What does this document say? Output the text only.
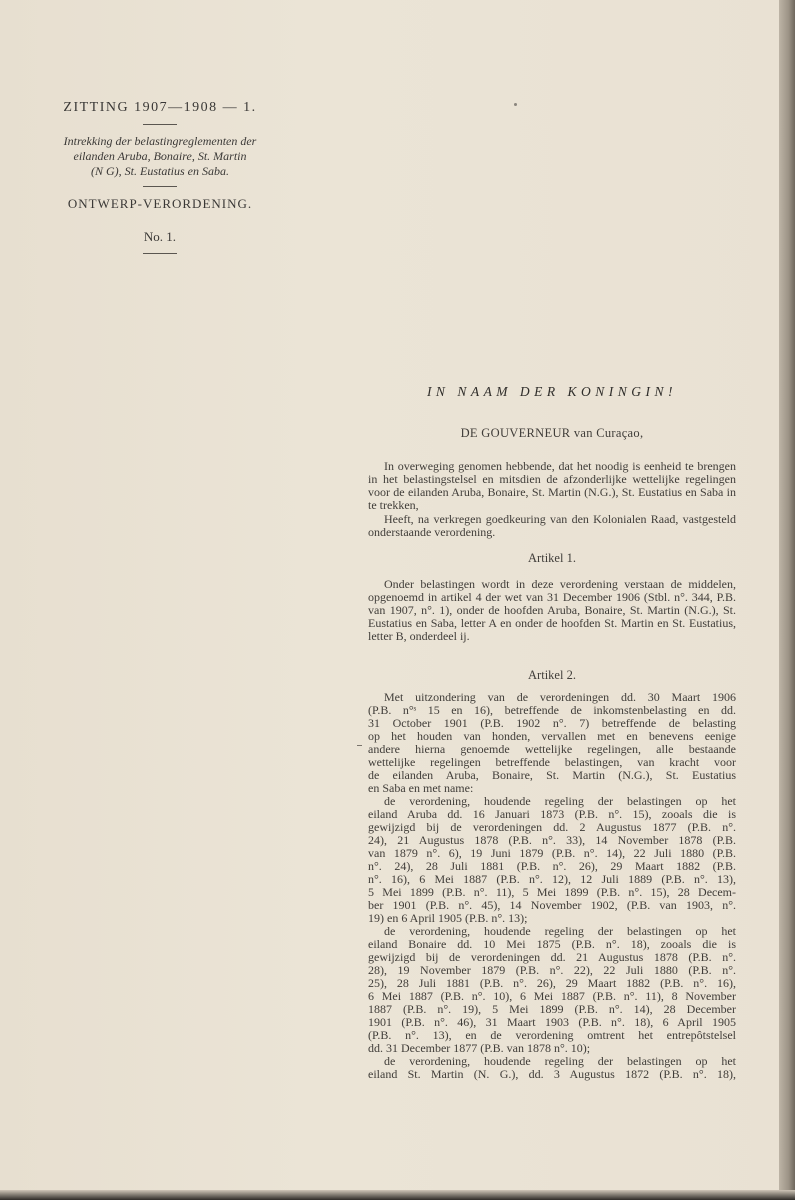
ZITTING 1907—1908 — 1.
Intrekking der belastingreglementen der
eilanden Aruba, Bonaire, St. Martin
(N G), St. Eustatius en Saba.
ONTWERP-VERORDENING.
No. 1.
IN NAAM DER KONINGIN!
DE GOUVERNEUR van Curaçao,

In overweging genomen hebbende, dat het noodig is eenheid te brengen in het belastingstelsel en mitsdien de afzonderlijke wettelijke regelingen voor de eilanden Aruba, Bonaire, St. Martin (N.G.), St. Eustatius en Saba in te trekken,

Heeft, na verkregen goedkeuring van den Kolonialen Raad, vastgesteld onderstaande verordening.

Artikel 1.

Onder belastingen wordt in deze verordening verstaan de middelen, opgenoemd in artikel 4 der wet van 31 December 1906 (Stbl. n°. 344, P.B. van 1907, n°. 1), onder de hoofden Aruba, Bonaire, St. Martin (N.G.), St. Eustatius en Saba, letter A en onder de hoofden St. Martin en St. Eustatius, letter B, onderdeel ij.

Artikel 2.
Met uitzondering van de verordeningen dd. 30 Maart 1906
(P.B. n°ˢ 15 en 16), betreffende de inkomstenbelasting en dd.
31 October 1901 (P.B. 1902 n°. 7) betreffende de belasting
op het houden van honden, vervallen met en benevens eenige
andere hierna genoemde wettelijke regelingen, alle bestaande
wettelijke regelingen betreffende belastingen, van kracht voor
de eilanden Aruba, Bonaire, St. Martin (N.G.), St. Eustatius
en Saba en met name:
de verordening, houdende regeling der belastingen op het
eiland Aruba dd. 16 Januari 1873 (P.B. n°. 15), zooals die is
gewijzigd bij de verordeningen dd. 2 Augustus 1877 (P.B. n°.
24), 21 Augustus 1878 (P.B. n°. 33), 14 November 1878 (P.B.
van 1879 n°. 6), 19 Juni 1879 (P.B. n°. 14), 22 Juli 1880 (P.B.
n°. 24), 28 Juli 1881 (P.B. n°. 26), 29 Maart 1882 (P.B.
n°. 16), 6 Mei 1887 (P.B. n°. 12), 12 Juli 1889 (P.B. n°. 13),
5 Mei 1899 (P.B. n°. 11), 5 Mei 1899 (P.B. n°. 15), 28 Decem-
ber 1901 (P.B. n°. 45), 14 November 1902, (P.B. van 1903, n°.
19) en 6 April 1905 (P.B. n°. 13);
de verordening, houdende regeling der belastingen op het
eiland Bonaire dd. 10 Mei 1875 (P.B. n°. 18), zooals die is
gewijzigd bij de verordeningen dd. 21 Augustus 1878 (P.B. n°.
28), 19 November 1879 (P.B. n°. 22), 22 Juli 1880 (P.B. n°.
25), 28 Juli 1881 (P.B. n°. 26), 29 Maart 1882 (P.B. n°. 16),
6 Mei 1887 (P.B. n°. 10), 6 Mei 1887 (P.B. n°. 11), 8 November
1887 (P.B. n°. 19), 5 Mei 1899 (P.B. n°. 14), 28 December
1901 (P.B. n°. 46), 31 Maart 1903 (P.B. n°. 18), 6 April 1905
(P.B. n°. 13), en de verordening omtrent het entrepôtstelsel
dd. 31 December 1877 (P.B. van 1878 n°. 10);
de verordening, houdende regeling der belastingen op het
eiland St. Martin (N. G.), dd. 3 Augustus 1872 (P.B. n°. 18),
